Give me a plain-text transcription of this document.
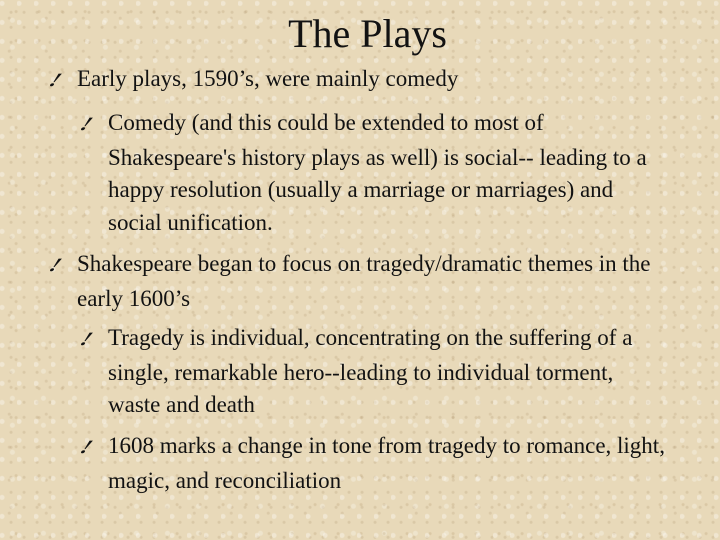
The Plays
!Early plays, 1590’s, were mainly comedy
!Comedy (and this could be extended to most of Shakespeare's history plays as well) is social-- leading to a happy resolution (usually a marriage or marriages) and social unification.
!Shakespeare began to focus on tragedy/dramatic themes in the early 1600’s
!Tragedy is individual, concentrating on the suffering of a single, remarkable hero--leading to individual torment, waste and death
!1608 marks a change in tone from tragedy to romance, light, magic, and reconciliation
